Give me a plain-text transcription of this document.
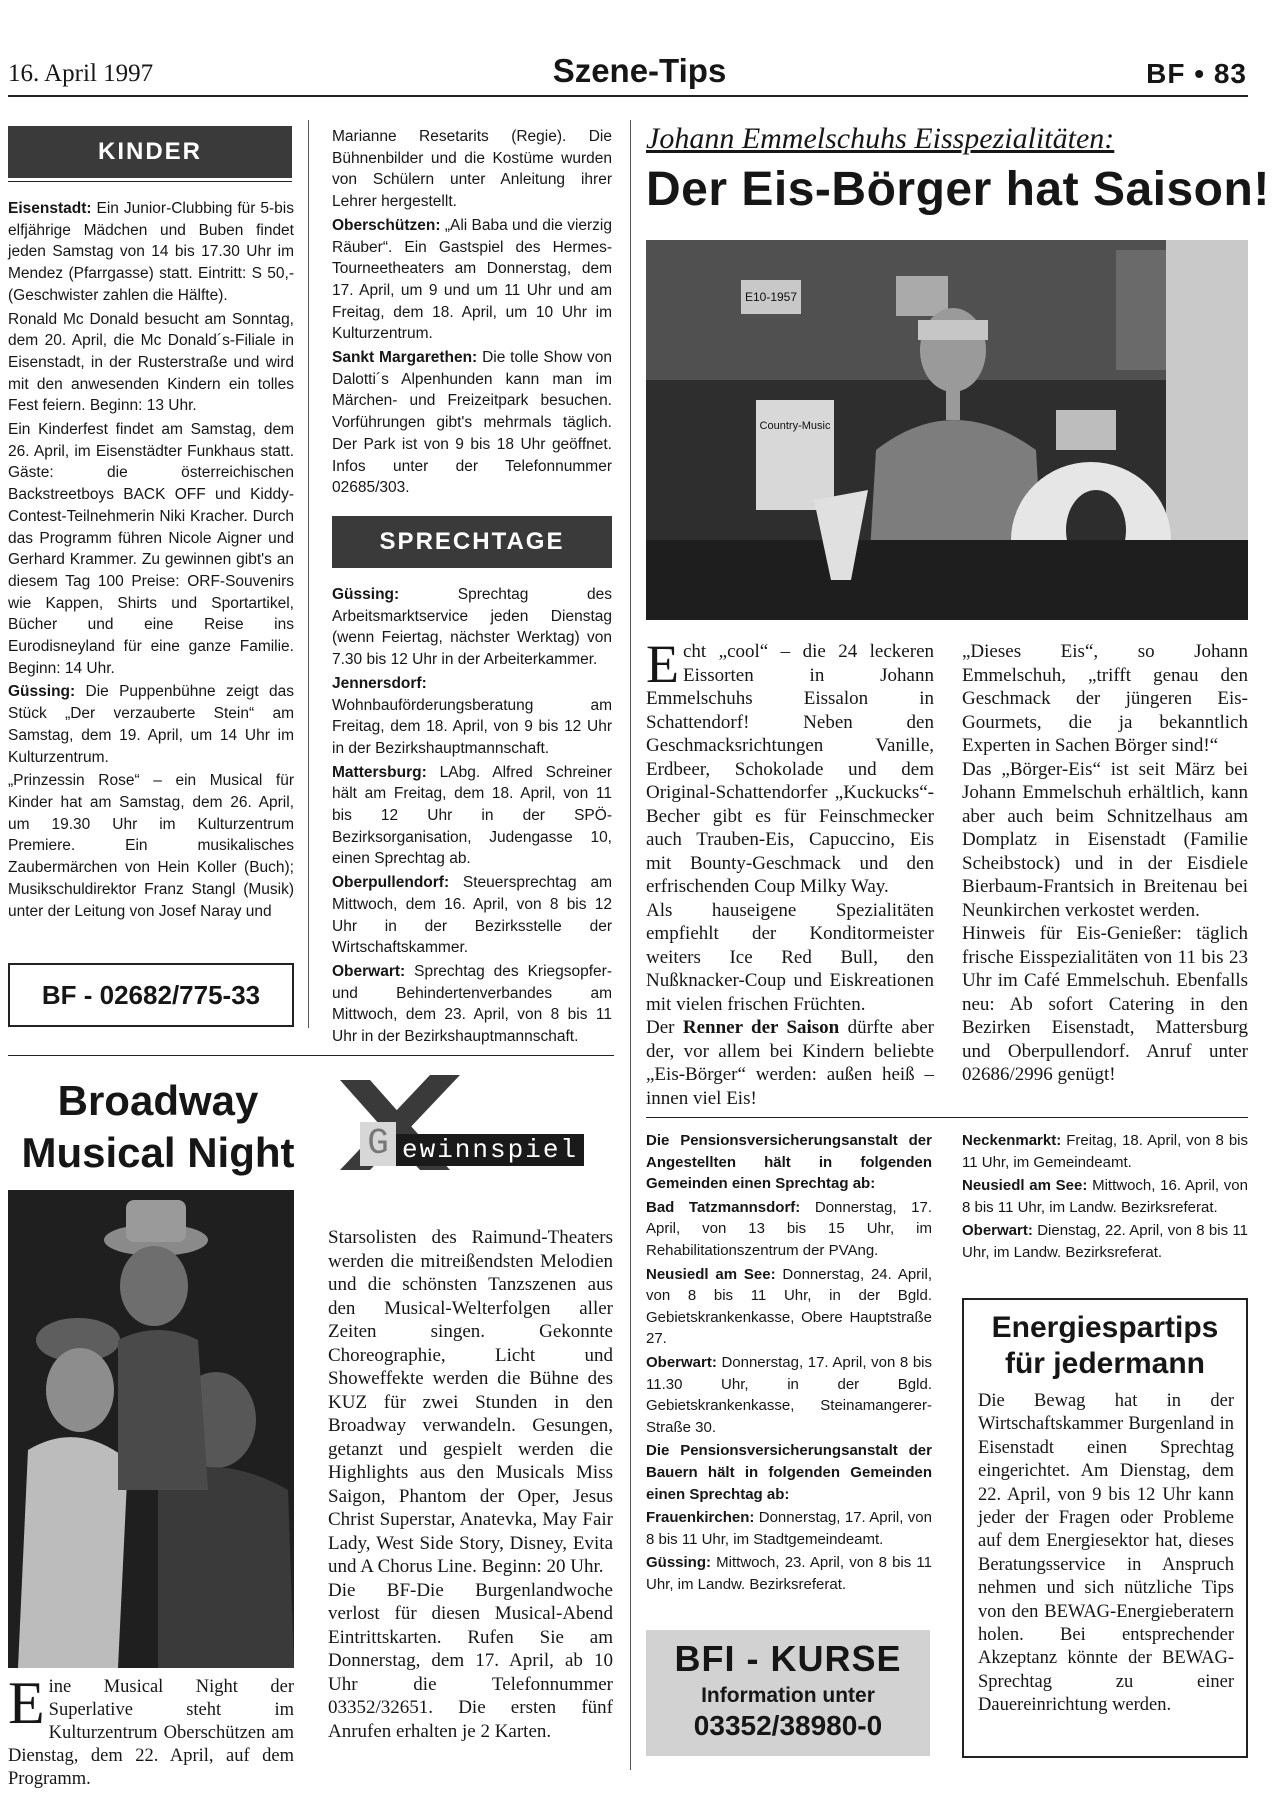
Szene-Tips
16. April 1997	BF • 83
KINDER

Eisenstadt: Ein Junior-Clubbing für 5-bis elfjährige Mädchen und Buben findet jeden Samstag von 14 bis 17.30 Uhr im Mendez (Pfarrgasse) statt. Eintritt: S 50,- (Geschwister zahlen die Hälfte).

Ronald Mc Donald besucht am Sonntag, dem 20. April, die Mc Donald´s-Filiale in Eisenstadt, in der Rusterstraße und wird mit den anwesenden Kindern ein tolles Fest feiern. Beginn: 13 Uhr.

Ein Kinderfest findet am Samstag, dem 26. April, im Eisenstädter Funkhaus statt. Gäste: die österreichischen Backstreetboys BACK OFF und Kiddy-Contest-Teilnehmerin Niki Kracher. Durch das Programm führen Nicole Aigner und Gerhard Krammer. Zu gewinnen gibt's an diesem Tag 100 Preise: ORF-Souvenirs wie Kappen, Shirts und Sportartikel, Bücher und eine Reise ins Eurodisneyland für eine ganze Familie. Beginn: 14 Uhr.

Güssing: Die Puppenbühne zeigt das Stück „Der verzauberte Stein“ am Samstag, dem 19. April, um 14 Uhr im Kulturzentrum.

„Prinzessin Rose“ – ein Musical für Kinder hat am Samstag, dem 26. April, um 19.30 Uhr im Kulturzentrum Premiere. Ein musikalisches Zaubermärchen von Hein Koller (Buch); Musikschuldirektor Franz Stangl (Musik) unter der Leitung von Josef Naray und

BF - 02682/775-33

Marianne Resetarits (Regie). Die Bühnenbilder und die Kostüme wurden von Schülern unter Anleitung ihrer Lehrer hergestellt.

Oberschützen: „Ali Baba und die vierzig Räuber“. Ein Gastspiel des Hermes-Tourneetheaters am Donnerstag, dem 17. April, um 9 und um 11 Uhr und am Freitag, dem 18. April, um 10 Uhr im Kulturzentrum.

Sankt Margarethen: Die tolle Show von Dalotti´s Alpenhunden kann man im Märchen- und Freizeitpark besuchen. Vorführungen gibt's mehrmals täglich. Der Park ist von 9 bis 18 Uhr geöffnet. Infos unter der Telefonnummer 02685/303.

SPRECHTAGE

Güssing: Sprechtag des Arbeitsmarktservice jeden Dienstag (wenn Feiertag, nächster Werktag) von 7.30 bis 12 Uhr in der Arbeiterkammer.

Jennersdorf: Wohnbauförderungsberatung am Freitag, dem 18. April, von 9 bis 12 Uhr in der Bezirkshauptmannschaft.

Mattersburg: LAbg. Alfred Schreiner hält am Freitag, dem 18. April, von 11 bis 12 Uhr in der SPÖ-Bezirksorganisation, Judengasse 10, einen Sprechtag ab.

Oberpullendorf: Steuersprechtag am Mittwoch, dem 16. April, von 8 bis 12 Uhr in der Bezirksstelle der Wirtschaftskammer.

Oberwart: Sprechtag des Kriegsopfer- und Behindertenverbandes am Mittwoch, dem 23. April, von 8 bis 11 Uhr in der Bezirkshauptmannschaft.

Johann Emmelschuhs Eisspezialitäten:
Der Eis-Börger hat Saison!
E10-1957
Country-Music

Echt „cool“ – die 24 leckeren Eissorten in Johann Emmelschuhs Eissalon in Schattendorf! Neben den Geschmacksrichtungen Vanille, Erdbeer, Schokolade und dem Original-Schattendorfer „Kuckucks“-Becher gibt es für Feinschmecker auch Trauben-Eis, Capuccino, Eis mit Bounty-Geschmack und den erfrischenden Coup Milky Way.

Als hauseigene Spezialitäten empfiehlt der Konditormeister weiters Ice Red Bull, den Nußknacker-Coup und Eiskreationen mit vielen frischen Früchten.

Der Renner der Saison dürfte aber der, vor allem bei Kindern beliebte „Eis-Börger“ werden: außen heiß – innen viel Eis!

„Dieses Eis“, so Johann Emmelschuh, „trifft genau den Geschmack der jüngeren Eis-Gourmets, die ja bekanntlich Experten in Sachen Börger sind!“

Das „Börger-Eis“ ist seit März bei Johann Emmelschuh erhältlich, kann aber auch beim Schnitzelhaus am Domplatz in Eisenstadt (Familie Scheibstock) und in der Eisdiele Bierbaum-Frantsich in Breitenau bei Neunkirchen verkostet werden.

Hinweis für Eis-Genießer: täglich frische Eisspezialitäten von 11 bis 23 Uhr im Café Emmelschuh. Ebenfalls neu: Ab sofort Catering in den Bezirken Eisenstadt, Mattersburg und Oberpullendorf. Anruf unter 02686/2996 genügt!

Broadway
Musical Night

Eine Musical Night der Superlative steht im Kulturzentrum Oberschützen am Dienstag, dem 22. April, auf dem Programm.

G ewinnspiel

Starsolisten des Raimund-Theaters werden die mitreißendsten Melodien und die schönsten Tanzszenen aus den Musical-Welterfolgen aller Zeiten singen. Gekonnte Choreographie, Licht und Showeffekte werden die Bühne des KUZ für zwei Stunden in den Broadway verwandeln. Gesungen, getanzt und gespielt werden die Highlights aus den Musicals Miss Saigon, Phantom der Oper, Jesus Christ Superstar, Anatevka, May Fair Lady, West Side Story, Disney, Evita und A Chorus Line. Beginn: 20 Uhr.

Die BF-Die Burgenlandwoche verlost für diesen Musical-Abend Eintrittskarten. Rufen Sie am Donnerstag, dem 17. April, ab 10 Uhr die Telefonnummer 03352/32651. Die ersten fünf Anrufen erhalten je 2 Karten.

Die Pensionsversicherungsanstalt der Angestellten hält in folgenden Gemeinden einen Sprechtag ab:

Bad Tatzmannsdorf: Donnerstag, 17. April, von 13 bis 15 Uhr, im Rehabilitationszentrum der PVAng.

Neusiedl am See: Donnerstag, 24. April, von 8 bis 11 Uhr, in der Bgld. Gebietskrankenkasse, Obere Hauptstraße 27.

Oberwart: Donnerstag, 17. April, von 8 bis 11.30 Uhr, in der Bgld. Gebietskrankenkasse, Steinamangerer-Straße 30.

Die Pensionsversicherungsanstalt der Bauern hält in folgenden Gemeinden einen Sprechtag ab:

Frauenkirchen: Donnerstag, 17. April, von 8 bis 11 Uhr, im Stadtgemeindeamt.

Güssing: Mittwoch, 23. April, von 8 bis 11 Uhr, im Landw. Bezirksreferat.

Neckenmarkt: Freitag, 18. April, von 8 bis 11 Uhr, im Gemeindeamt.

Neusiedl am See: Mittwoch, 16. April, von 8 bis 11 Uhr, im Landw. Bezirksreferat.

Oberwart: Dienstag, 22. April, von 8 bis 11 Uhr, im Landw. Bezirksreferat.

BFI - KURSE
Information unter
03352/38980-0
Energiespartips
für jedermann
Die Bewag hat in der Wirtschaftskammer Burgenland in Eisenstadt einen Sprechtag eingerichtet. Am Dienstag, dem 22. April, von 9 bis 12 Uhr kann jeder der Fragen oder Probleme auf dem Energiesektor hat, dieses Beratungsservice in Anspruch nehmen und sich nützliche Tips von den BEWAG-Energieberatern holen. Bei entsprechender Akzeptanz könnte der BEWAG-Sprechtag zu einer Dauereinrichtung werden.
